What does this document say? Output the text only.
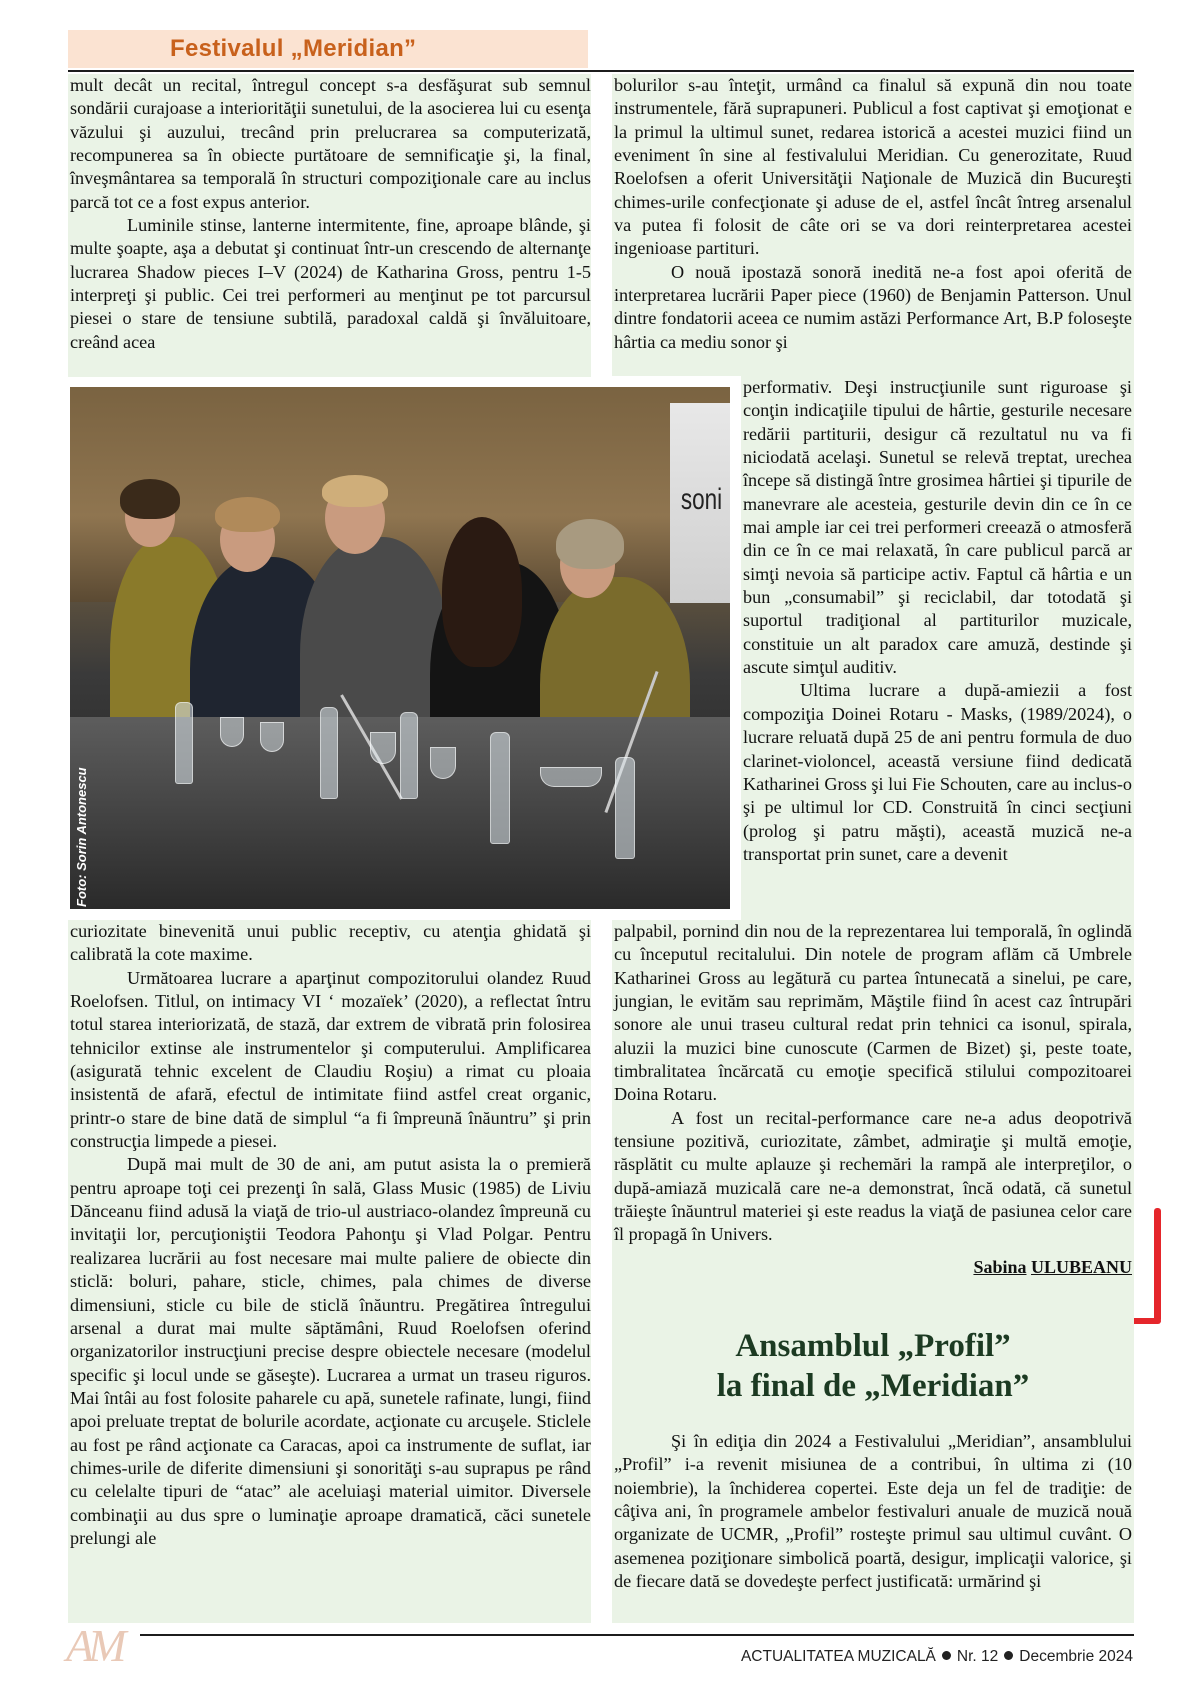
Festivalul „Meridian”

mult decât un recital, întregul concept s-a desfăşurat sub semnul sondării curajoase a interiorităţii sunetului, de la asocierea lui cu esenţa văzului şi auzului, trecând prin prelucrarea sa computerizată, recompunerea sa în obiecte purtătoare de semnificaţie şi, la final, înveşmântarea sa temporală în structuri compoziţionale care au inclus parcă tot ce a fost expus anterior.

Luminile stinse, lanterne intermitente, fine, aproape blânde, şi multe şoapte, aşa a debutat şi continuat într-un crescendo de alternanţe lucrarea Shadow pieces I–V (2024) de Katharina Gross, pentru 1-5 interpreţi şi public. Cei trei performeri au menţinut pe tot parcursul piesei o stare de tensiune subtilă, paradoxal caldă şi învăluitoare, creând acea

soni
Foto: Sorin Antonescu

curiozitate binevenită unui public receptiv, cu atenţia ghidată şi calibrată la cote maxime.

Următoarea lucrare a aparţinut compozitorului olandez Ruud Roelofsen. Titlul, on intimacy VI ‘ mozaïek’ (2020), a reflectat întru totul starea interiorizată, de stază, dar extrem de vibrată prin folosirea tehnicilor extinse ale instrumentelor şi computerului. Amplificarea (asigurată tehnic excelent de Claudiu Roşiu) a rimat cu ploaia insistentă de afară, efectul de intimitate fiind astfel creat organic, printr-o stare de bine dată de simplul “a fi împreună înăuntru” şi prin construcţia limpede a piesei.

După mai mult de 30 de ani, am putut asista la o premieră pentru aproape toţi cei prezenţi în sală, Glass Music (1985) de Liviu Dănceanu fiind adusă la viaţă de trio-ul austriaco-olandez împreună cu invitaţii lor, percuţioniştii Teodora Pahonţu şi Vlad Polgar. Pentru realizarea lucrării au fost necesare mai multe paliere de obiecte din sticlă: boluri, pahare, sticle, chimes, pala chimes de diverse dimensiuni, sticle cu bile de sticlă înăuntru. Pregătirea întregului arsenal a durat mai multe săptămâni, Ruud Roelofsen oferind organizatorilor instrucţiuni precise despre obiectele necesare (modelul specific şi locul unde se găseşte). Lucrarea a urmat un traseu riguros. Mai întâi au fost folosite paharele cu apă, sunetele rafinate, lungi, fiind apoi preluate treptat de bolurile acordate, acţionate cu arcuşele. Sticlele au fost pe rând acţionate ca Caracas, apoi ca instrumente de suflat, iar chimes-urile de diferite dimensiuni şi sonorităţi s-au suprapus pe rând cu celelalte tipuri de “atac” ale aceluiaşi material uimitor. Diversele combinaţii au dus spre o luminaţie aproape dramatică, căci sunetele prelungi ale

bolurilor s-au înteţit, urmând ca finalul să expună din nou toate instrumentele, fără suprapuneri. Publicul a fost captivat şi emoţionat e la primul la ultimul sunet, redarea istorică a acestei muzici fiind un eveniment în sine al festivalului Meridian. Cu generozitate, Ruud Roelofsen a oferit Universităţii Naţionale de Muzică din Bucureşti chimes-urile confecţionate şi aduse de el, astfel încât întreg arsenalul va putea fi folosit de câte ori se va dori reinterpretarea acestei ingenioase partituri.

O nouă ipostază sonoră inedită ne-a fost apoi oferită de interpretarea lucrării Paper piece (1960) de Benjamin Patterson. Unul dintre fondatorii aceea ce numim astăzi Performance Art, B.P foloseşte hârtia ca mediu sonor şi

performativ. Deşi instrucţiunile sunt riguroase şi conţin indicaţiile tipului de hârtie, gesturile necesare redării partiturii, desigur că rezultatul nu va fi niciodată acelaşi. Sunetul se relevă treptat, urechea începe să distingă între grosimea hârtiei şi tipurile de manevrare ale acesteia, gesturile devin din ce în ce mai ample iar cei trei performeri creează o atmosferă din ce în ce mai relaxată, în care publicul parcă ar simţi nevoia să participe activ. Faptul că hârtia e un bun „consumabil” şi reciclabil, dar totodată şi suportul tradiţional al partiturilor muzicale, constituie un alt paradox care amuză, destinde şi ascute simţul auditiv.

Ultima lucrare a după-amiezii a fost compoziţia Doinei Rotaru - Masks, (1989/2024), o lucrare reluată după 25 de ani pentru formula de duo clarinet-violoncel, această versiune fiind dedicată Katharinei Gross şi lui Fie Schouten, care au inclus-o şi pe ultimul lor CD. Construită în cinci secţiuni (prolog şi patru măşti), această muzică ne-a transportat prin sunet, care a devenit

palpabil, pornind din nou de la reprezentarea lui temporală, în oglindă cu începutul recitalului. Din notele de program aflăm că Umbrele Katharinei Gross au legătură cu partea întunecată a sinelui, pe care, jungian, le evităm sau reprimăm, Măştile fiind în acest caz întrupări sonore ale unui traseu cultural redat prin tehnici ca isonul, spirala, aluzii la muzici bine cunoscute (Carmen de Bizet) şi, peste toate, timbralitatea încărcată cu emoţie specifică stilului compozitoarei Doina Rotaru.

A fost un recital-performance care ne-a adus deopotrivă tensiune pozitivă, curiozitate, zâmbet, admiraţie şi multă emoţie, răsplătit cu multe aplauze şi rechemări la rampă ale interpreţilor, o după-amiază muzicală care ne-a demonstrat, încă odată, că sunetul trăieşte înăuntrul materiei şi este readus la viaţă de pasiunea celor care îl propagă în Univers.

Sabina ULUBEANU
Ansamblul „Profil”
la final de „Meridian”

Şi în ediţia din 2024 a Festivalului „Meridian”, ansamblului „Profil” i-a revenit misiunea de a contribui, în ultima zi (10 noiembrie), la închiderea copertei. Este deja un fel de tradiţie: de câţiva ani, în programele ambelor festivaluri anuale de muzică nouă organizate de UCMR, „Profil” rosteşte primul sau ultimul cuvânt. O asemenea poziţionare simbolică poartă, desigur, implicaţii valorice, şi de fiecare dată se dovedeşte perfect justificată: urmărind şi

AM	ACTUALITATEA MUZICALĂ Nr. 12 Decembrie 2024
